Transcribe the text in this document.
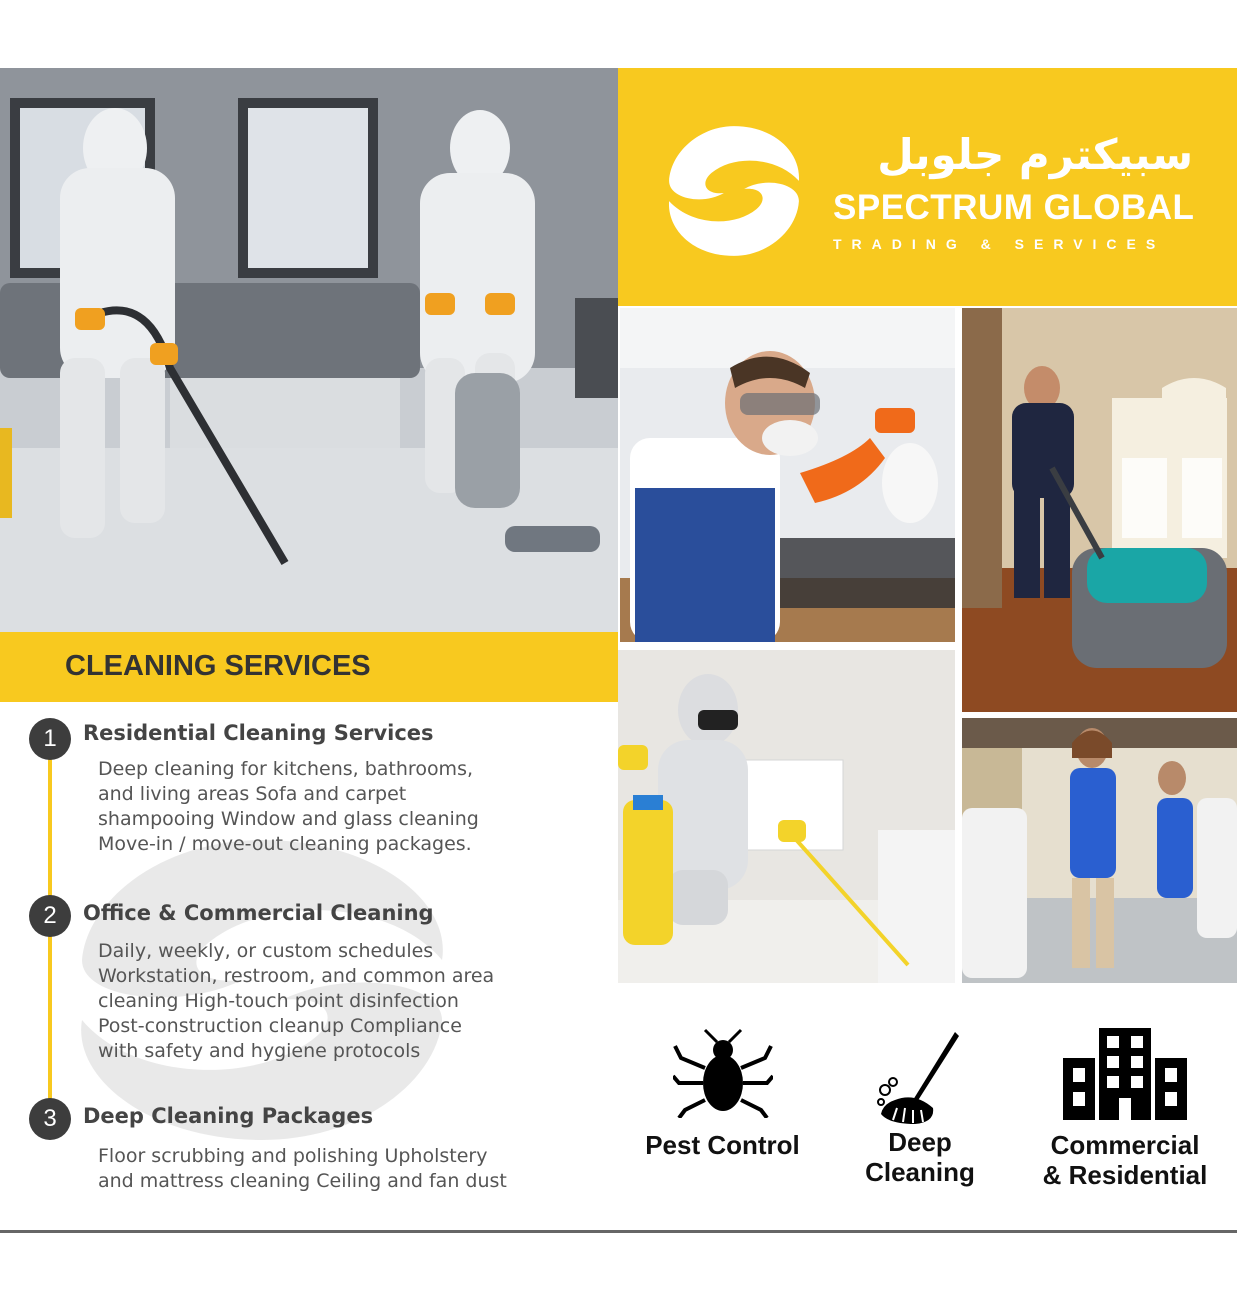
سبيكترم جلوبل
SPECTRUM GLOBAL
TRADING & SERVICES
CLEANING SERVICES
1	Residential Cleaning Services
Deep cleaning for kitchens, bathrooms, and living areas Sofa and carpet shampooing Window and glass cleaning Move-in / move-out cleaning packages.
2	Office & Commercial Cleaning
Daily, weekly, or custom schedules Workstation, restroom, and common area cleaning High-touch point disinfection Post-construction cleanup Compliance with safety and hygiene protocols
3	Deep Cleaning Packages
Floor scrubbing and polishing Upholstery and mattress cleaning Ceiling and fan dust
Pest Control	Deep
Cleaning
Commercial
& Residential
